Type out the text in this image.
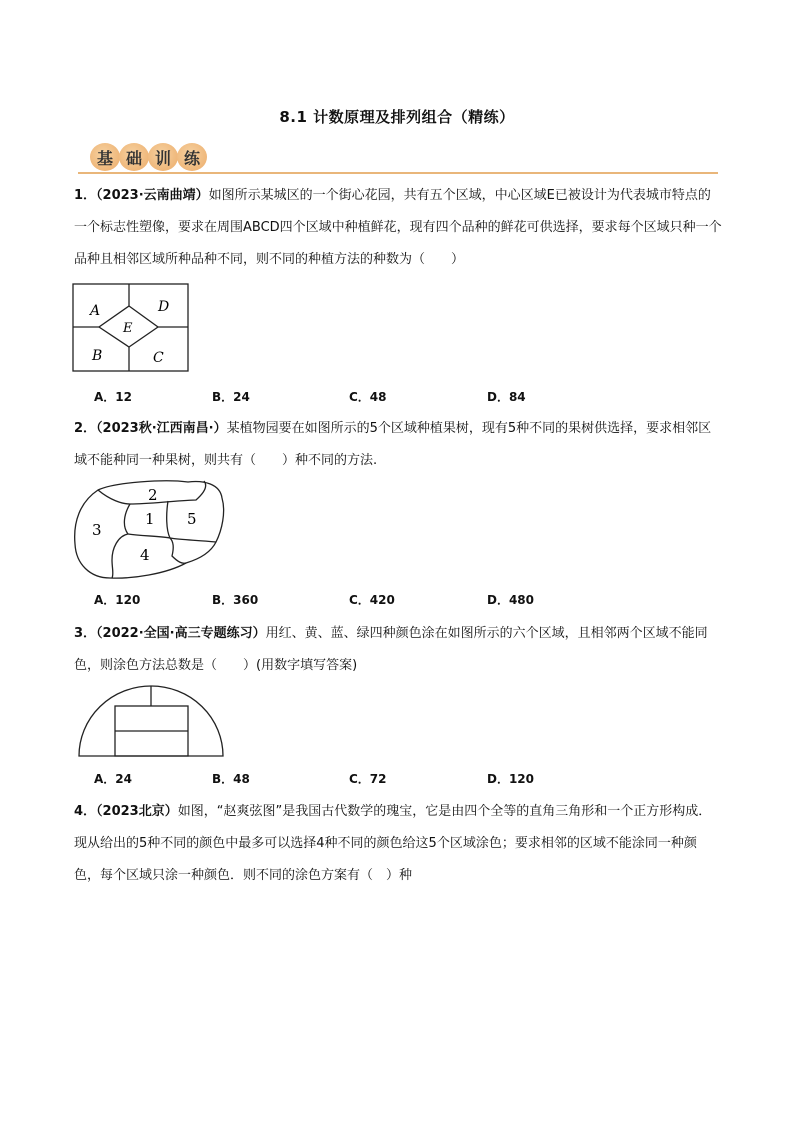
8.1 计数原理及排列组合（精练）
基 础 训 练
1．（2023·云南曲靖）如图所示某城区的一个街心花园，共有五个区域，中心区域E已被设计为代表城市特点的一个标志性塑像，要求在周围ABCD四个区域中种植鲜花，现有四个品种的鲜花可供选择，要求每个区域只种一个品种且相邻区域所种品种不同，则不同的种植方法的种数为（　　）
A	D
E
B	C
A．12	B．24	C．48	D．84
2．（2023秋·江西南昌·）某植物园要在如图所示的5个区域种植果树，现有5种不同的果树供选择，要求相邻区域不能种同一种果树，则共有（　　）种不同的方法.
2
1 5
3
4
A．120	B．360	C．420	D．480
3．（2022·全国·高三专题练习）用红、黄、蓝、绿四种颜色涂在如图所示的六个区域，且相邻两个区域不能同色，则涂色方法总数是（　　）(用数字填写答案)
A．24	B．48	C．72	D．120
4．（2023北京）如图，“赵爽弦图”是我国古代数学的瑰宝，它是由四个全等的直角三角形和一个正方形构成．现从给出的5种不同的颜色中最多可以选择4种不同的颜色给这5个区域涂色；要求相邻的区域不能涂同一种颜色，每个区域只涂一种颜色．则不同的涂色方案有（　）种
